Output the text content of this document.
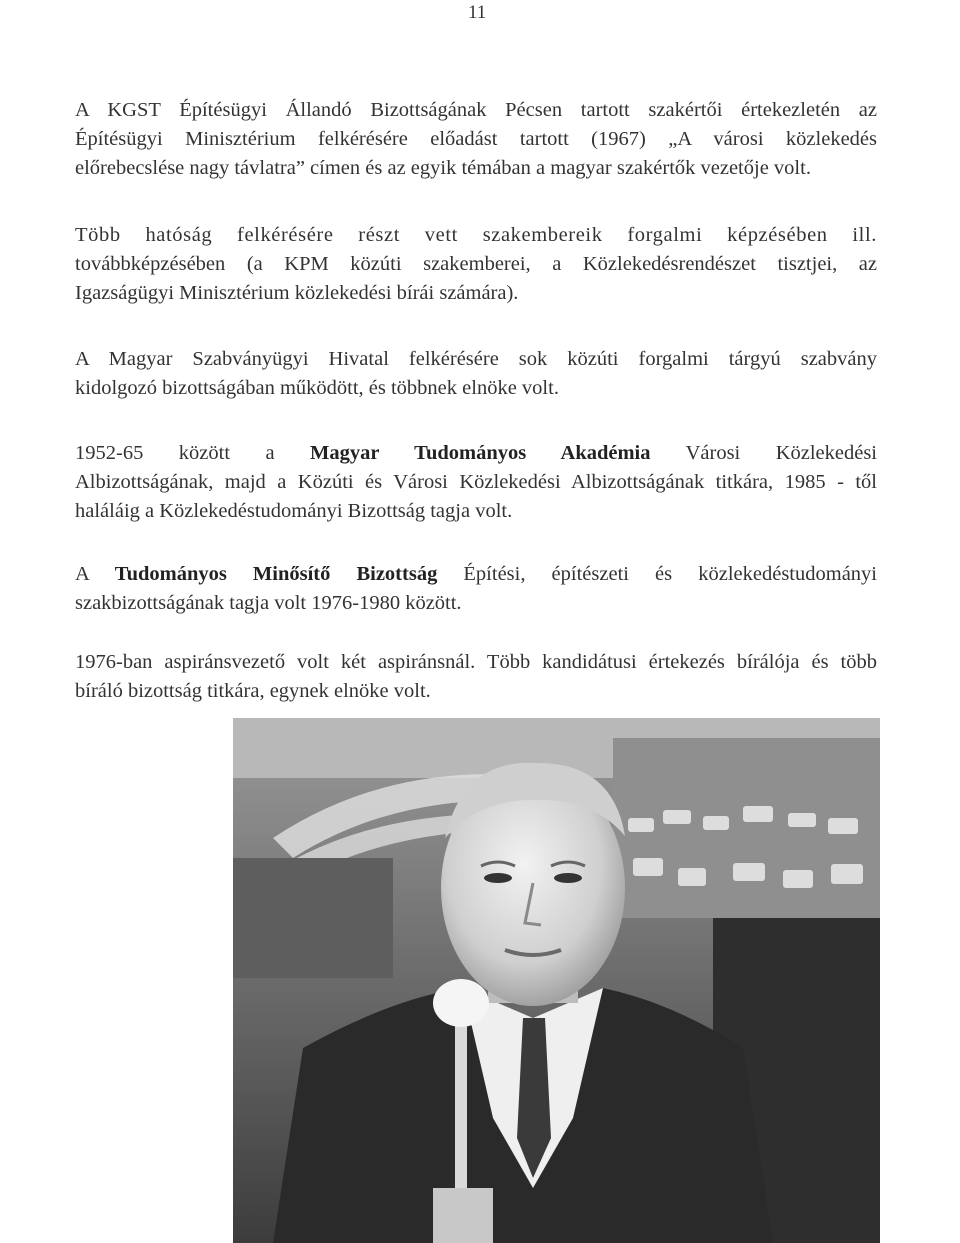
11

A KGST Építésügyi Állandó Bizottságának Pécsen tartott szakértői értekezletén az
Építésügyi Minisztérium felkérésére előadást tartott (1967) „A városi közlekedés
előrebecslése nagy távlatra” címen és az egyik témában a magyar szakértők vezetője volt.

Több hatóság felkérésére részt vett szakembereik forgalmi képzésében ill.
továbbképzésében (a KPM közúti szakemberei, a Közlekedésrendészet tisztjei, az
Igazságügyi Minisztérium közlekedési bírái számára).

A Magyar Szabványügyi Hivatal felkérésére sok közúti forgalmi tárgyú szabvány
kidolgozó bizottságában működött, és többnek elnöke volt.

1952-65 között a Magyar Tudományos Akadémia Városi Közlekedési
Albizottságának, majd a Közúti és Városi Közlekedési Albizottságának titkára, 1985 - től
haláláig a Közlekedéstudományi Bizottság tagja volt.

A Tudományos Minősítő Bizottság Építési, építészeti és közlekedéstudományi
szakbizottságának tagja volt 1976-1980 között.

1976-ban aspiránsvezető volt két aspiránsnál. Több kandidátusi értekezés bírálója és több
bíráló bizottság titkára, egynek elnöke volt.
